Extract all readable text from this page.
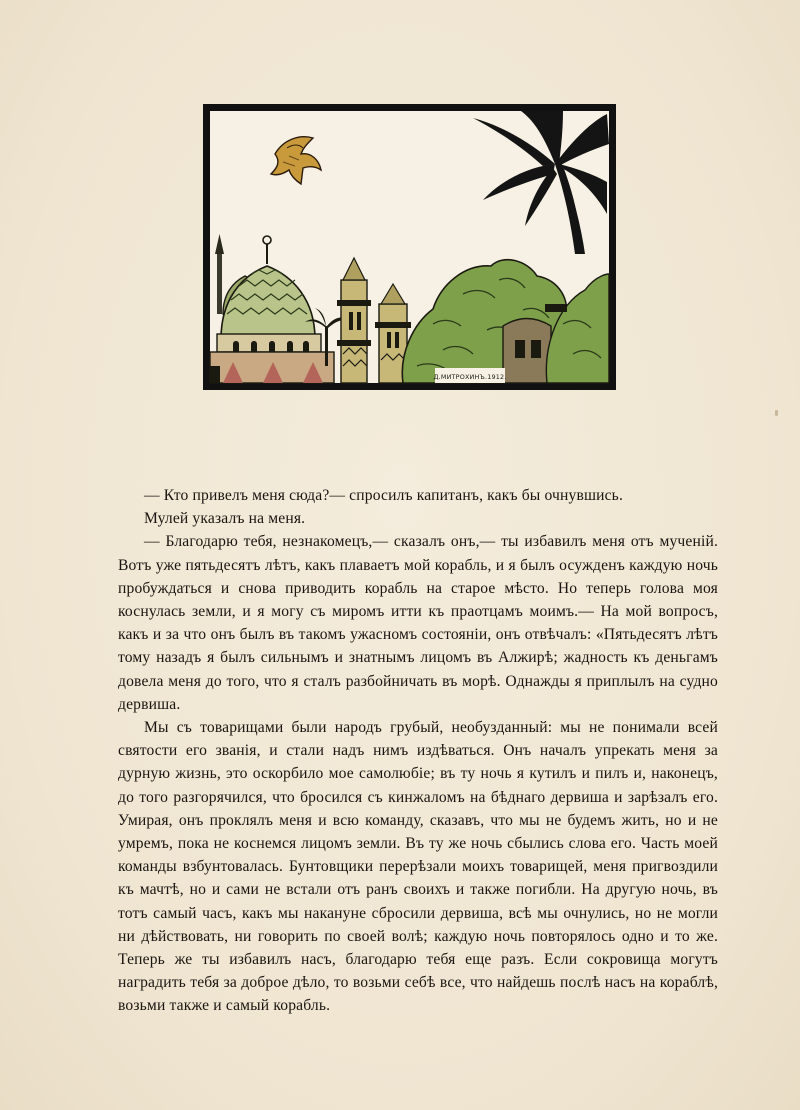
Д.МИТРОХИНЪ.1912.

— Кто привелъ меня сюда?— спросилъ капитанъ, какъ бы очнувшись.

Мулей указалъ на меня.

— Благодарю тебя, незнакомецъ,— сказалъ онъ,— ты избавилъ меня отъ мученiй. Вотъ уже пятьдесятъ лѣтъ, какъ плаваетъ мой корабль, и я былъ осужденъ каждую ночь пробуждаться и снова приводить корабль на старое мѣсто. Но теперь голова моя коснулась земли, и я могу съ миромъ итти къ праотцамъ моимъ.— На мой вопросъ, какъ и за что онъ былъ въ такомъ ужасномъ состоянiи, онъ отвѣчалъ: «Пятьдесятъ лѣтъ тому назадъ я былъ сильнымъ и знатнымъ лицомъ въ Алжирѣ; жадность къ деньгамъ довела меня до того, что я сталъ разбойничать въ морѣ. Однажды я приплылъ на судно дервиша.

Мы съ товарищами были народъ грубый, необузданный: мы не понимали всей святости его званiя, и стали надъ нимъ издѣваться. Онъ началъ упрекать меня за дурную жизнь, это оскорбило мое самолюбiе; въ ту ночь я кутилъ и пилъ и, наконецъ, до того разгорячился, что бросился съ кинжаломъ на бѣднаго дервиша и зарѣзалъ его. Умирая, онъ проклялъ меня и всю команду, сказавъ, что мы не будемъ жить, но и не умремъ, пока не коснемся лицомъ земли. Въ ту же ночь сбылись слова его. Часть моей команды взбунтовалась. Бунтовщики перерѣзали моихъ товарищей, меня пригвоздили къ мачтѣ, но и сами не встали отъ ранъ своихъ и также погибли. На другую ночь, въ тотъ самый часъ, какъ мы накануне сбросили дервиша, всѣ мы очнулись, но не могли ни дѣйствовать, ни говорить по своей волѣ; каждую ночь повторялось одно и то же. Теперь же ты избавилъ насъ, благодарю тебя еще разъ. Если сокровища могутъ наградить тебя за доброе дѣло, то возьми себѣ все, что найдешь послѣ насъ на кораблѣ, возьми также и самый корабль.
